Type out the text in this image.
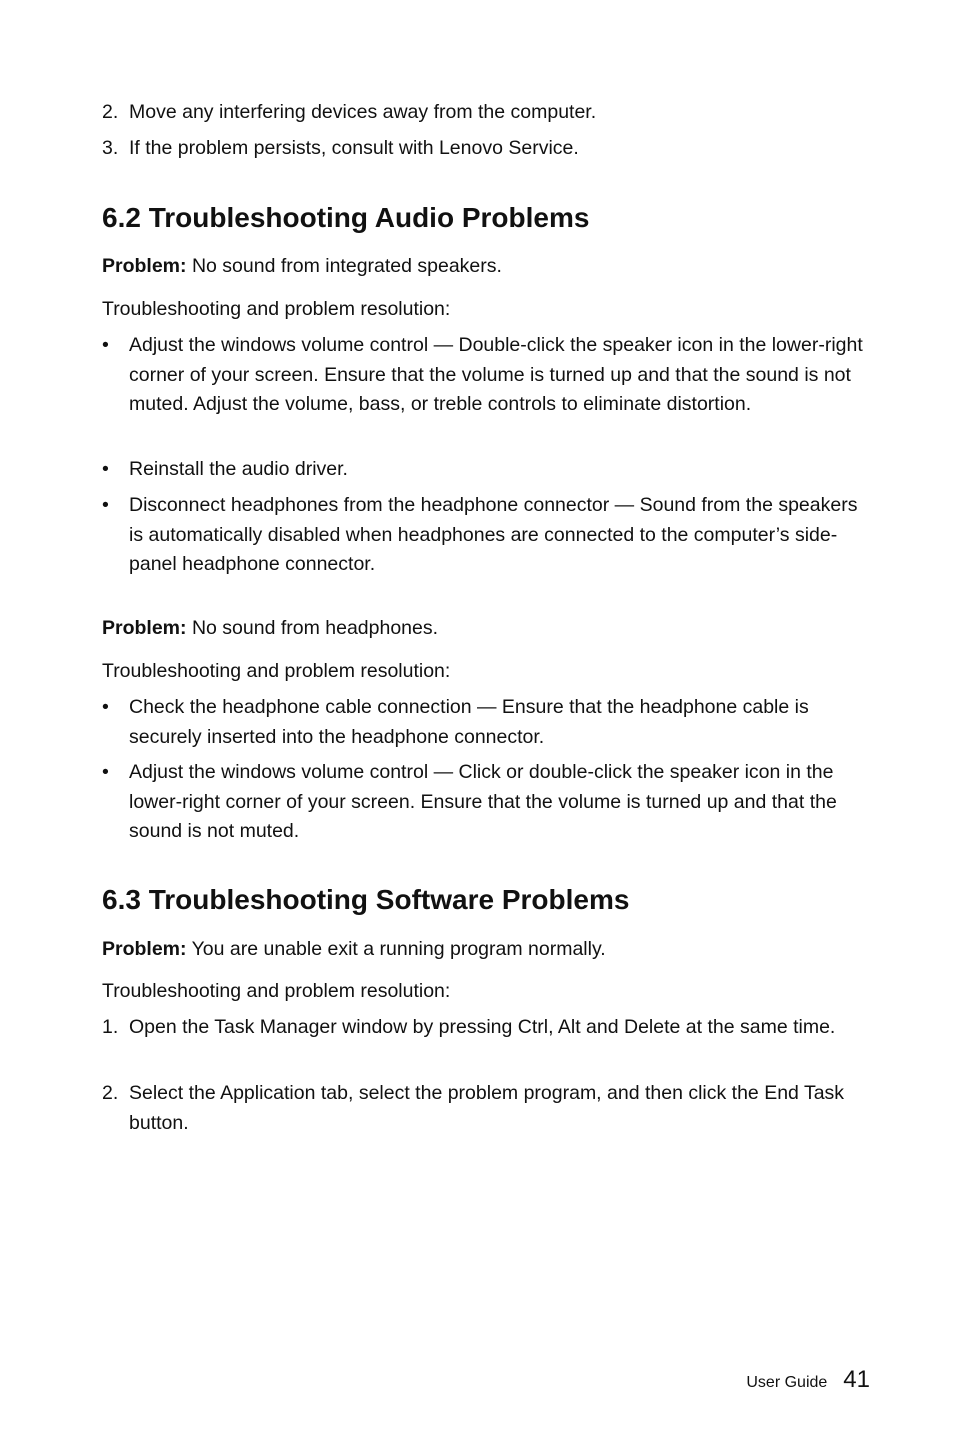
2. Move any interfering devices away from the computer.
3. If the problem persists, consult with Lenovo Service.
6.2 Troubleshooting Audio Problems
Problem: No sound from integrated speakers.
Troubleshooting and problem resolution:
• Adjust the windows volume control — Double-click the speaker icon in the lower-right corner of your screen. Ensure that the volume is turned up and that the sound is not muted. Adjust the volume, bass, or treble controls to eliminate distortion.
• Reinstall the audio driver.
• Disconnect headphones from the headphone connector — Sound from the speakers is automatically disabled when headphones are connected to the computer’s side-panel headphone connector.
Problem: No sound from headphones.
Troubleshooting and problem resolution:
• Check the headphone cable connection — Ensure that the headphone cable is securely inserted into the headphone connector.
• Adjust the windows volume control — Click or double-click the speaker icon in the lower-right corner of your screen. Ensure that the volume is turned up and that the sound is not muted.
6.3 Troubleshooting Software Problems
Problem: You are unable exit a running program normally.
Troubleshooting and problem resolution:
1. Open the Task Manager window by pressing Ctrl, Alt and Delete at the same time.
2. Select the Application tab, select the problem program, and then click the End Task button.
User Guide 41
